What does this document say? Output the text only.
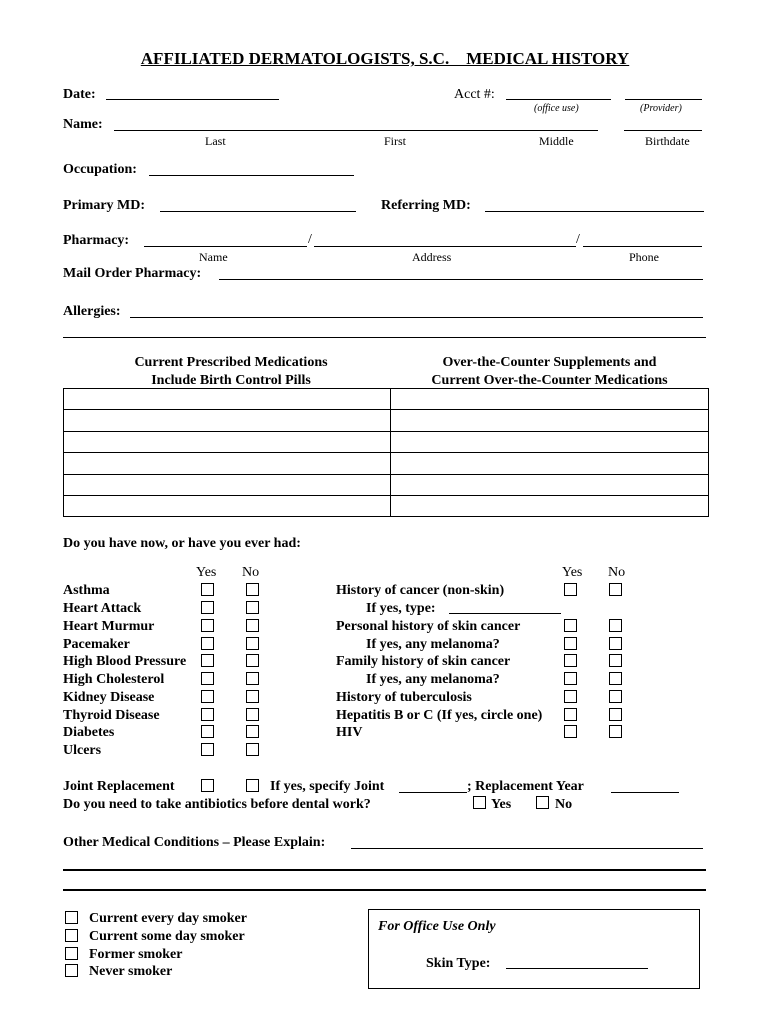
AFFILIATED DERMATOLOGISTS, S.C.    MEDICAL HISTORY
Date:	Acct #:
(office use)	(Provider)
Name:
Last	First	Middle	Birthdate
Occupation:
Primary MD:	Referring MD:
Pharmacy:	/	/
Name	Address	Phone
Mail Order Pharmacy:
Allergies:
Current Prescribed Medications
Include Birth Control Pills
Over-the-Counter Supplements and
Current Over-the-Counter Medications

Do you have now, or have you ever had:
Yes No	Yes No
Asthma
Heart Attack
Heart Murmur
Pacemaker
High Blood Pressure
High Cholesterol
Kidney Disease
Thyroid Disease
Diabetes
Ulcers
History of cancer (non-skin)
If yes, type:
Personal history of skin cancer
If yes, any melanoma?
Family history of skin cancer
If yes, any melanoma?
History of tuberculosis
Hepatitis B or C (If yes, circle one)
HIV
Joint Replacement	If yes, specify Joint	; Replacement Year
Do you need to take antibiotics before dental work?	Yes	No
Other Medical Conditions – Please Explain:
Current every day smoker
Current some day smoker
Former smoker
Never smoker
For Office Use Only
Skin Type:
